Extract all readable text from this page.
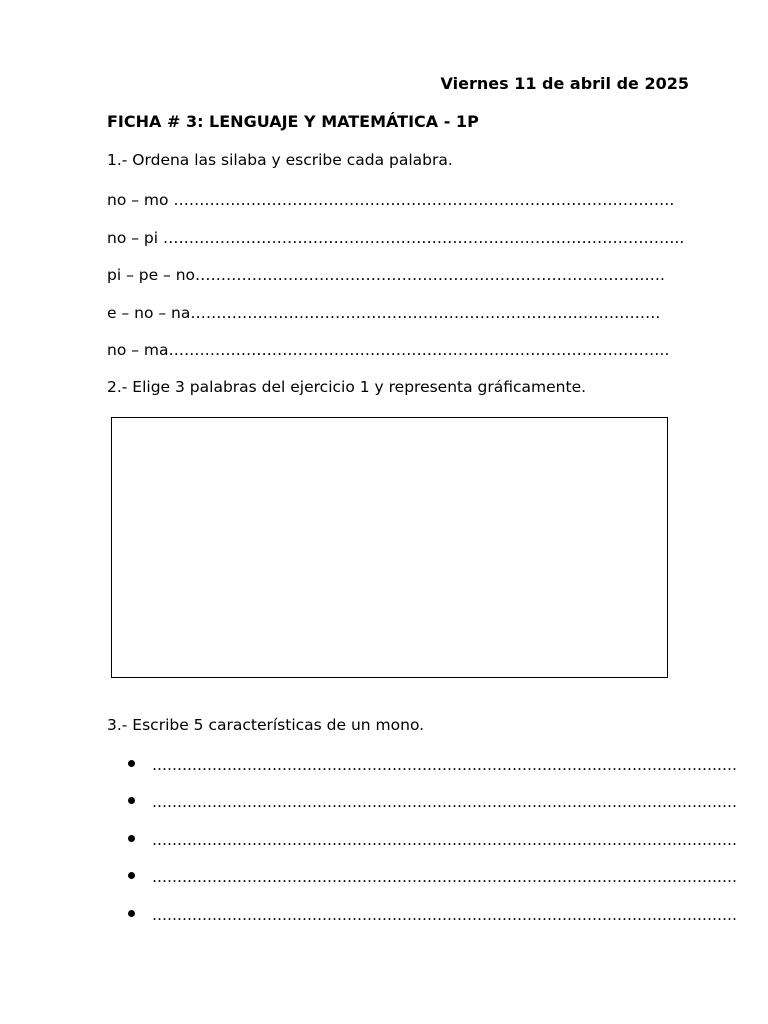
Viernes 11 de abril de 2025
FICHA # 3: LENGUAJE Y MATEMÁTICA - 1P
1.- Ordena las silaba y escribe cada palabra.
no – mo …………………………………………………………………………………….
no – pi ………………………………………………………………………………………..
pi – pe – no……………………………………………………………………………….
e – no – na……………………………………………………………………………….
no – ma…………………………………………………………………………………….
2.- Elige 3 palabras del ejercicio 1 y representa gráficamente.
3.- Escribe 5 características de un mono.
………………………………………………………………………………………………………
………………………………………………………………………………………………………
………………………………………………………………………………………………………
………………………………………………………………………………………………………
………………………………………………………………………………………………………
